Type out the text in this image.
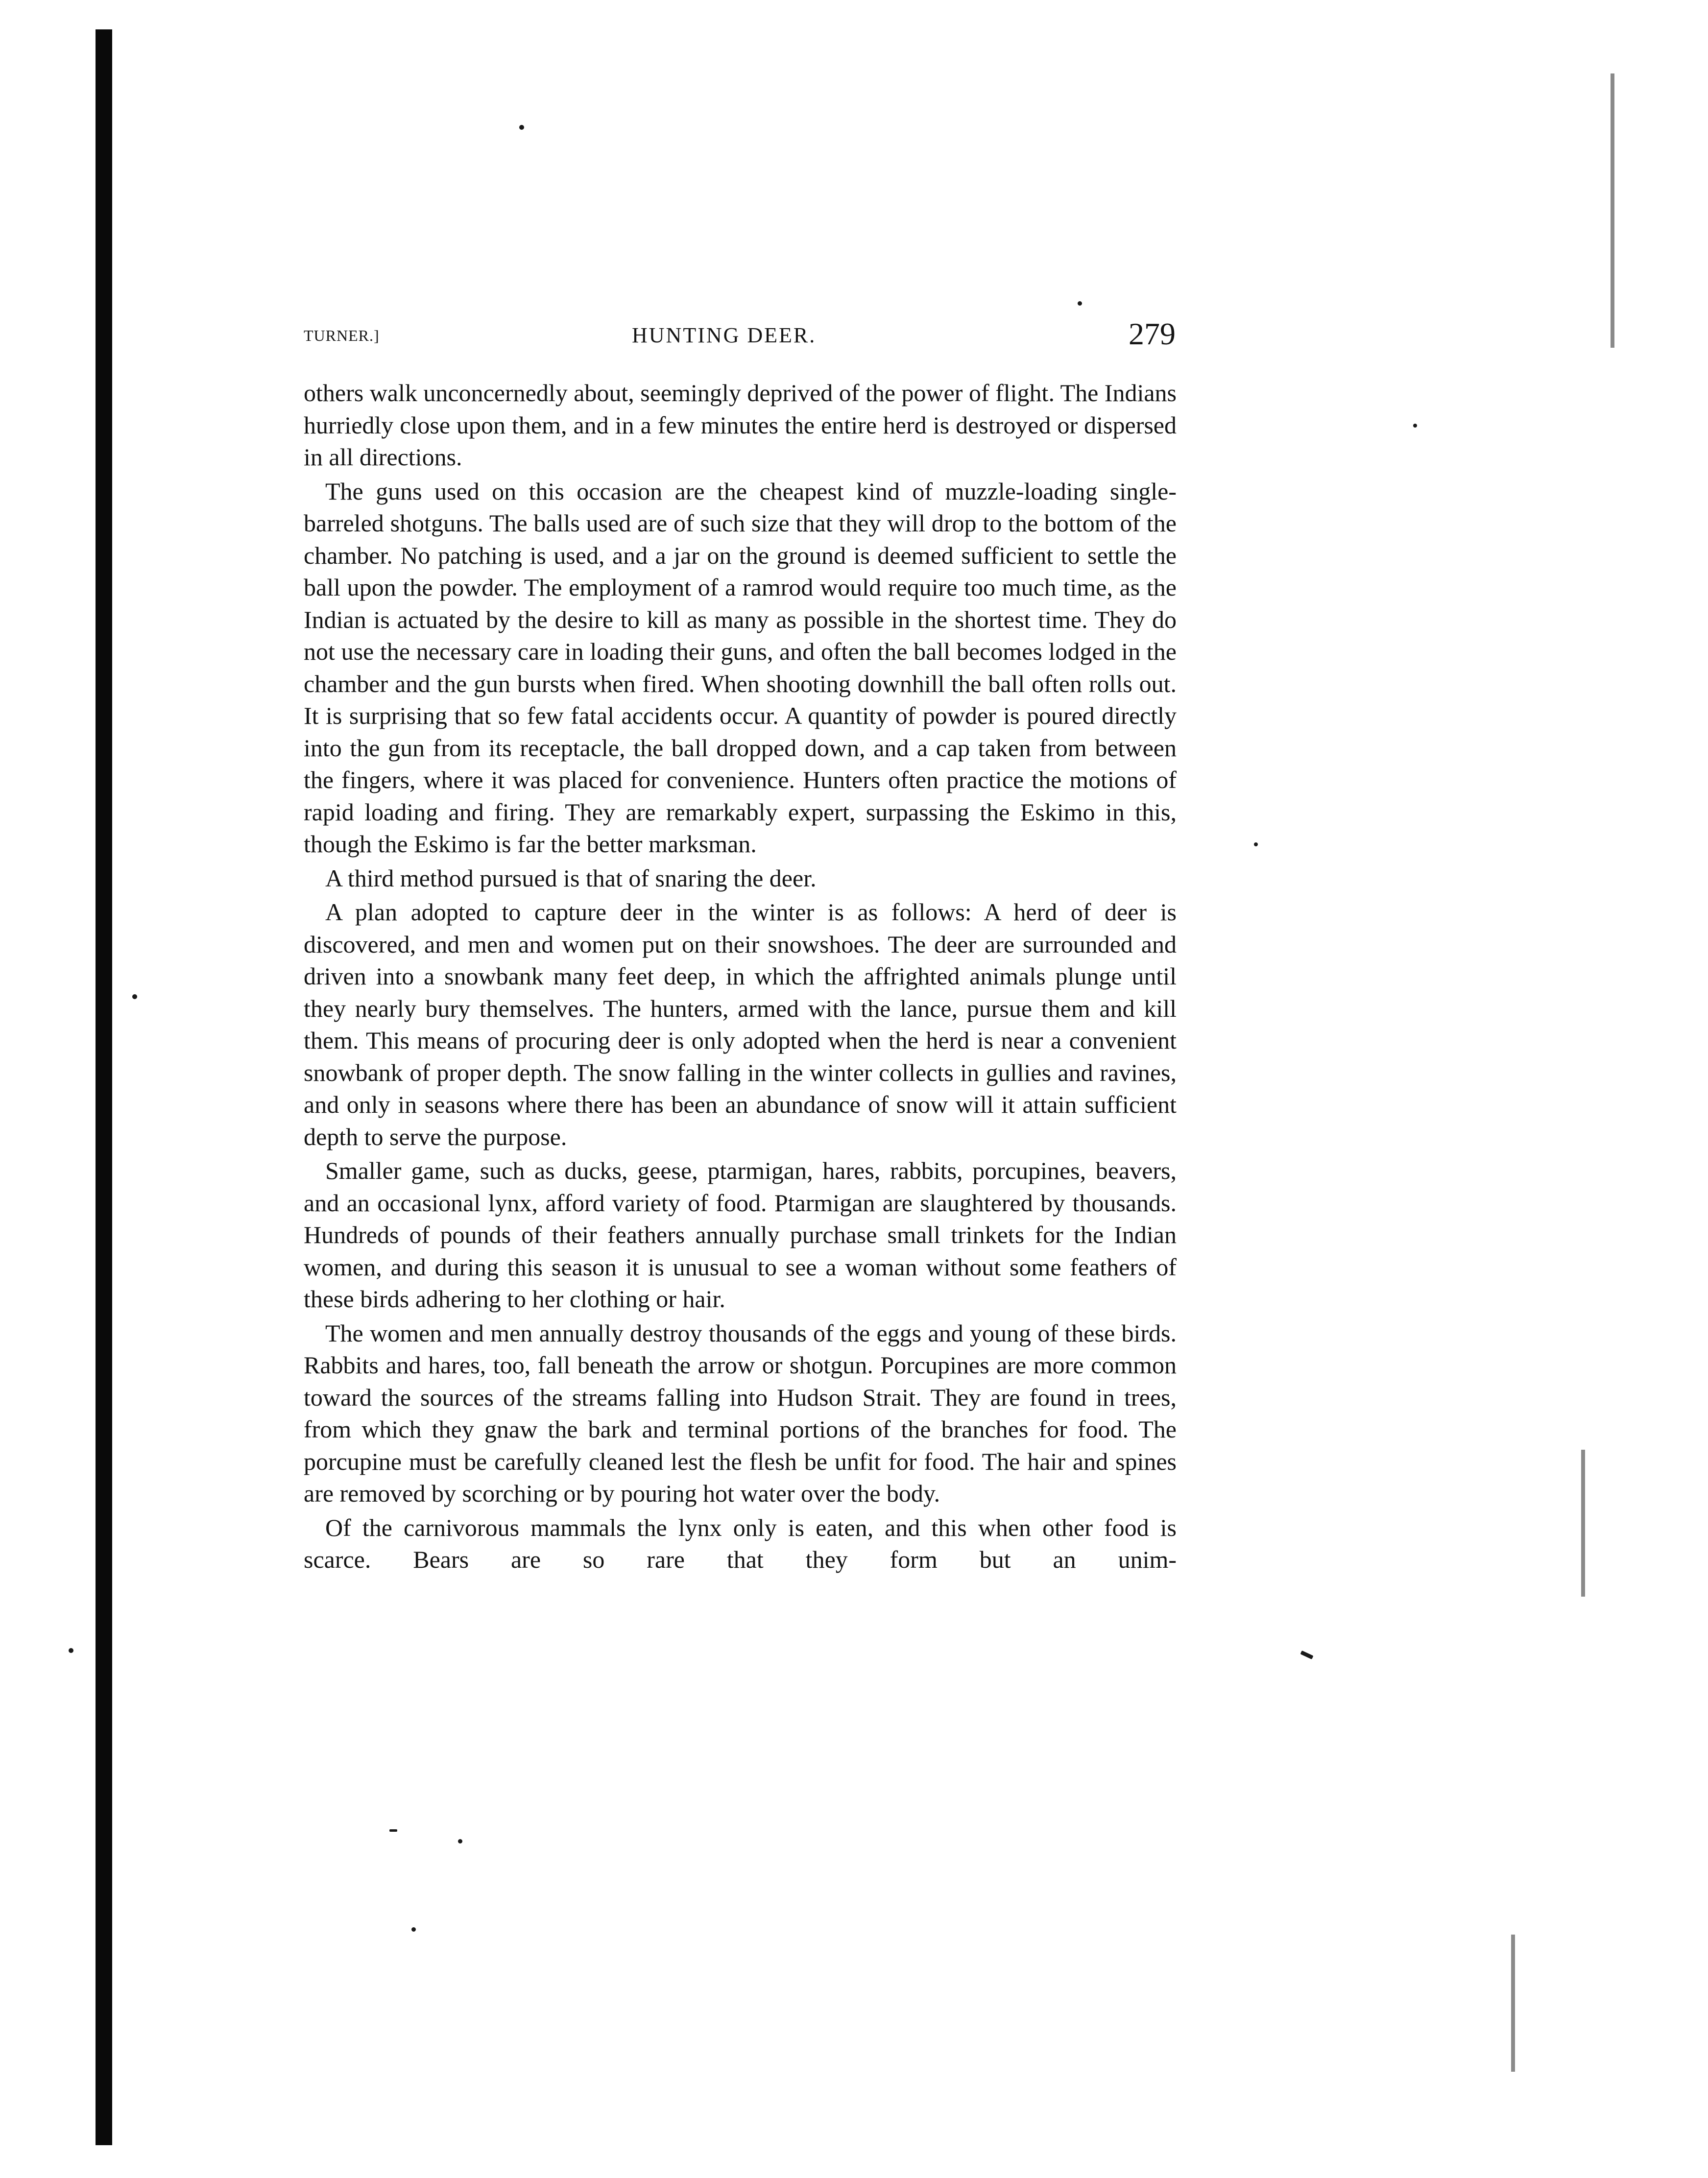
TURNER.]	HUNTING DEER.	279

others walk unconcernedly about, seemingly deprived of the power of flight. The Indians hurriedly close upon them, and in a few minutes the entire herd is destroyed or dispersed in all directions.

The guns used on this occasion are the cheapest kind of muzzle-loading single-barreled shotguns. The balls used are of such size that they will drop to the bottom of the chamber. No patching is used, and a jar on the ground is deemed sufficient to settle the ball upon the powder. The employment of a ramrod would require too much time, as the Indian is actuated by the desire to kill as many as possible in the shortest time. They do not use the necessary care in loading their guns, and often the ball becomes lodged in the chamber and the gun bursts when fired. When shooting downhill the ball often rolls out. It is surprising that so few fatal accidents occur. A quantity of powder is poured directly into the gun from its receptacle, the ball dropped down, and a cap taken from between the fingers, where it was placed for convenience. Hunters often practice the motions of rapid loading and firing. They are remarkably expert, surpassing the Eskimo in this, though the Eskimo is far the better marksman.

A third method pursued is that of snaring the deer.

A plan adopted to capture deer in the winter is as follows: A herd of deer is discovered, and men and women put on their snowshoes. The deer are surrounded and driven into a snowbank many feet deep, in which the affrighted animals plunge until they nearly bury themselves. The hunters, armed with the lance, pursue them and kill them. This means of procuring deer is only adopted when the herd is near a convenient snowbank of proper depth. The snow falling in the winter collects in gullies and ravines, and only in seasons where there has been an abundance of snow will it attain sufficient depth to serve the purpose.

Smaller game, such as ducks, geese, ptarmigan, hares, rabbits, porcupines, beavers, and an occasional lynx, afford variety of food. Ptarmigan are slaughtered by thousands. Hundreds of pounds of their feathers annually purchase small trinkets for the Indian women, and during this season it is unusual to see a woman without some feathers of these birds adhering to her clothing or hair.

The women and men annually destroy thousands of the eggs and young of these birds. Rabbits and hares, too, fall beneath the arrow or shotgun. Porcupines are more common toward the sources of the streams falling into Hudson Strait. They are found in trees, from which they gnaw the bark and terminal portions of the branches for food. The porcupine must be carefully cleaned lest the flesh be unfit for food. The hair and spines are removed by scorching or by pouring hot water over the body.

Of the carnivorous mammals the lynx only is eaten, and this when other food is scarce. Bears are so rare that they form but an unim-
